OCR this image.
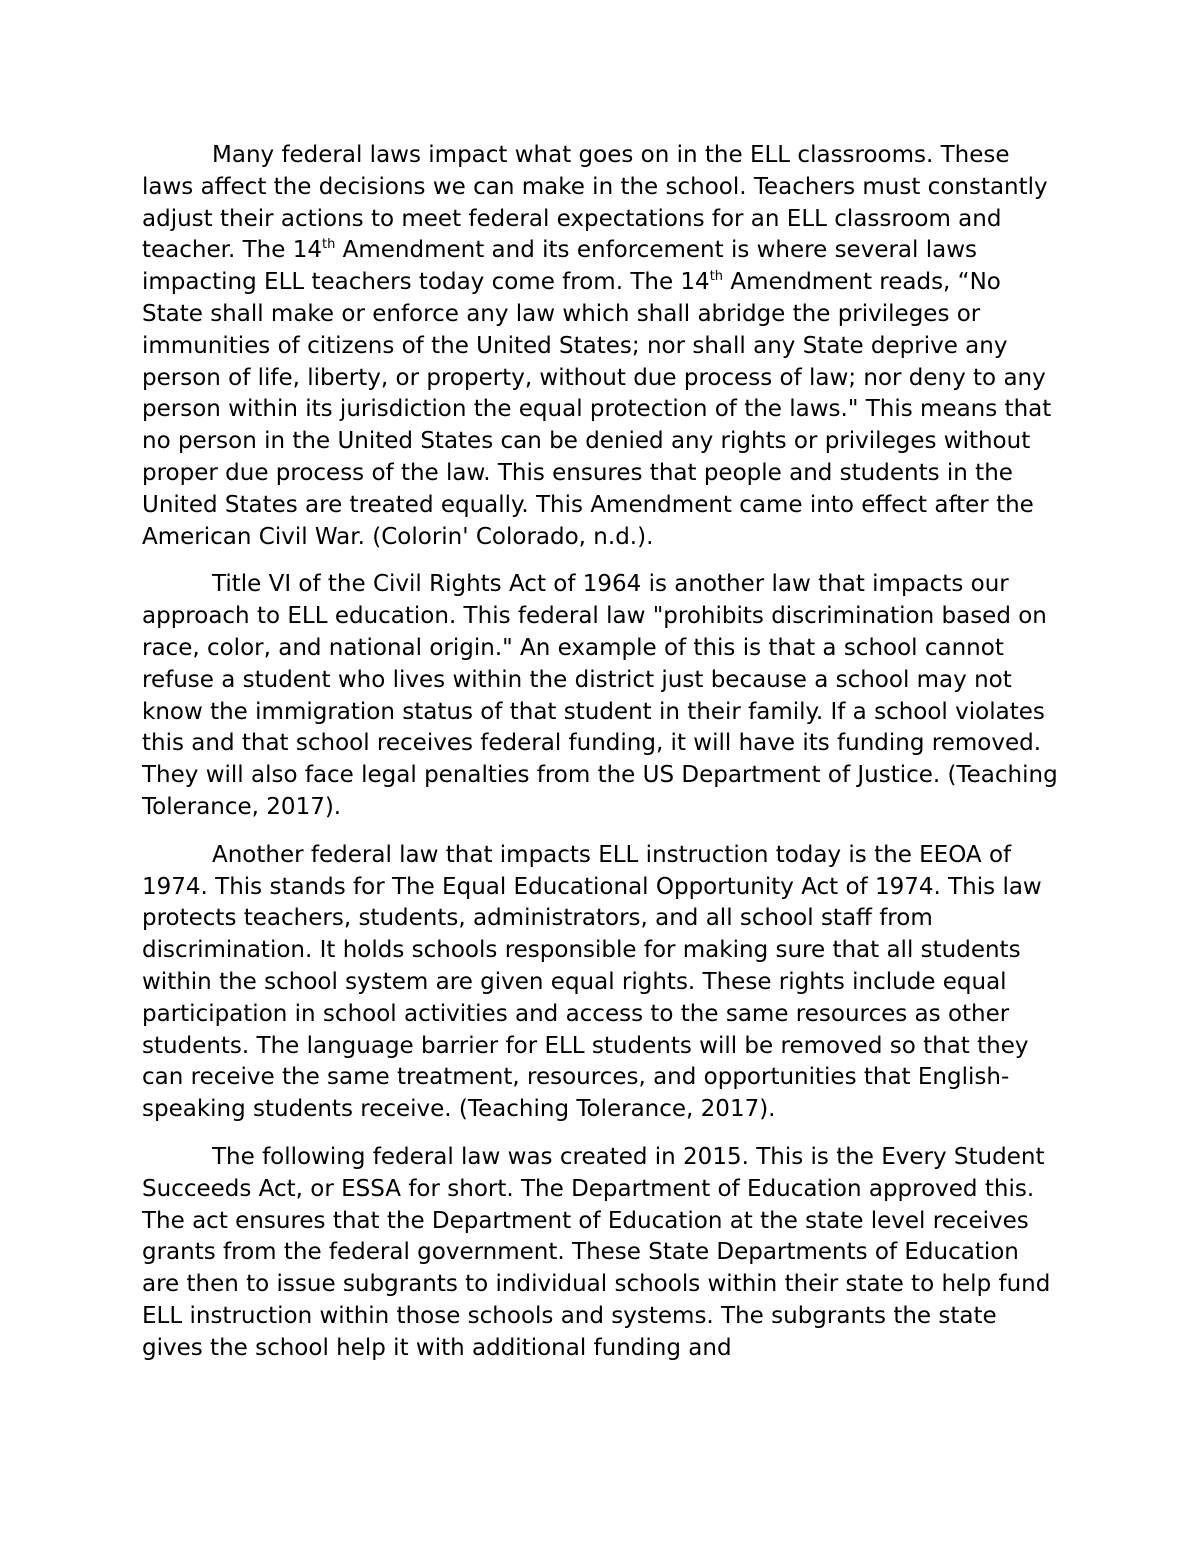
Many federal laws impact what goes on in the ELL classrooms. These laws affect the decisions we can make in the school. Teachers must constantly adjust their actions to meet federal expectations for an ELL classroom and teacher. The 14th Amendment and its enforcement is where several laws impacting ELL teachers today come from. The 14th Amendment reads, “No State shall make or enforce any law which shall abridge the privileges or immunities of citizens of the United States; nor shall any State deprive any person of life, liberty, or property, without due process of law; nor deny to any person within its jurisdiction the equal protection of the laws." This means that no person in the United States can be denied any rights or privileges without proper due process of the law. This ensures that people and students in the United States are treated equally. This Amendment came into effect after the American Civil War. (Colorin' Colorado, n.d.).

Title VI of the Civil Rights Act of 1964 is another law that impacts our approach to ELL education. This federal law "prohibits discrimination based on race, color, and national origin." An example of this is that a school cannot refuse a student who lives within the district just because a school may not know the immigration status of that student in their family. If a school violates this and that school receives federal funding, it will have its funding removed. They will also face legal penalties from the US Department of Justice. (Teaching Tolerance, 2017).

Another federal law that impacts ELL instruction today is the EEOA of 1974. This stands for The Equal Educational Opportunity Act of 1974. This law protects teachers, students, administrators, and all school staff from discrimination. It holds schools responsible for making sure that all students within the school system are given equal rights. These rights include equal participation in school activities and access to the same resources as other students. The language barrier for ELL students will be removed so that they can receive the same treatment, resources, and opportunities that English-speaking students receive. (Teaching Tolerance, 2017).

The following federal law was created in 2015. This is the Every Student Succeeds Act, or ESSA for short. The Department of Education approved this. The act ensures that the Department of Education at the state level receives grants from the federal government. These State Departments of Education are then to issue subgrants to individual schools within their state to help fund ELL instruction within those schools and systems. The subgrants the state gives the school help it with additional funding and
